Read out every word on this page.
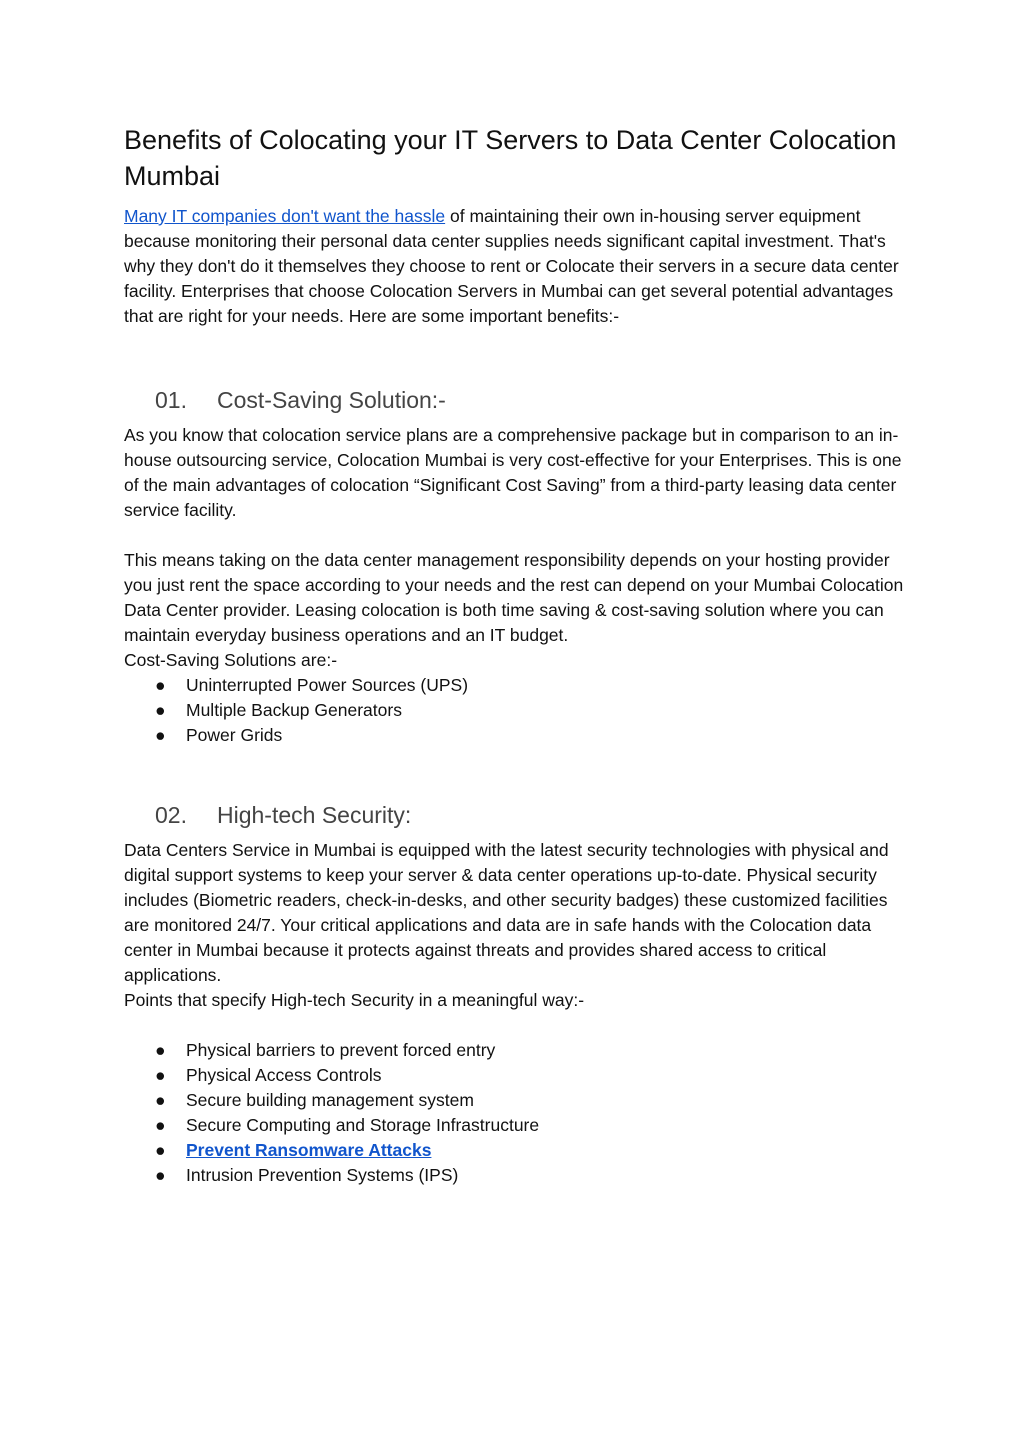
Benefits of Colocating your IT Servers to Data Center Colocation Mumbai

Many IT companies don't want the hassle of maintaining their own in-housing server equipment because monitoring their personal data center supplies needs significant capital investment. That's why they don't do it themselves they choose to rent or Colocate their servers in a secure data center facility. Enterprises that choose Colocation Servers in Mumbai can get several potential advantages that are right for your needs. Here are some important benefits:-

01.	Cost-Saving Solution:-

As you know that colocation service plans are a comprehensive package but in comparison to an in-house outsourcing service, Colocation Mumbai is very cost-effective for your Enterprises. This is one of the main advantages of colocation “Significant Cost Saving” from a third-party leasing data center service facility.

This means taking on the data center management responsibility depends on your hosting provider you just rent the space according to your needs and the rest can depend on your Mumbai Colocation Data Center provider. Leasing colocation is both time saving & cost-saving solution where you can maintain everyday business operations and an IT budget.

Cost-Saving Solutions are:-

●	Uninterrupted Power Sources (UPS)
●	Multiple Backup Generators
●	Power Grids
02.	High-tech Security:

Data Centers Service in Mumbai is equipped with the latest security technologies with physical and digital support systems to keep your server & data center operations up-to-date. Physical security includes (Biometric readers, check-in-desks, and other security badges) these customized facilities are monitored 24/7. Your critical applications and data are in safe hands with the Colocation data center in Mumbai because it protects against threats and provides shared access to critical applications.

Points that specify High-tech Security in a meaningful way:-

●	Physical barriers to prevent forced entry
●	Physical Access Controls
●	Secure building management system
●	Secure Computing and Storage Infrastructure
●	Prevent Ransomware Attacks
●	Intrusion Prevention Systems (IPS)
